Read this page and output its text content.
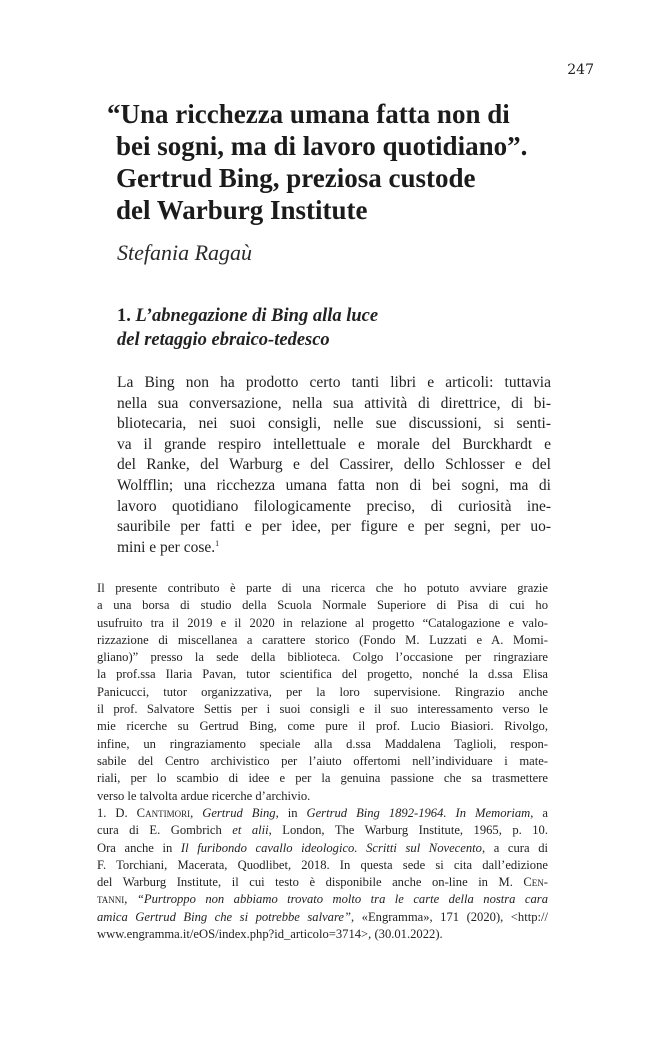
247
“Una ricchezza umana fatta non di
bei sogni, ma di lavoro quotidiano”.
Gertrud Bing, preziosa custode
del Warburg Institute

Stefania Ragaù

1. L’abnegazione di Bing alla luce
del retaggio ebraico-tedesco
La Bing non ha prodotto certo tanti libri e articoli: tuttavia
nella sua conversazione, nella sua attività di direttrice, di bi-
bliotecaria, nei suoi consigli, nelle sue discussioni, si senti-
va il grande respiro intellettuale e morale del Burckhardt e
del Ranke, del Warburg e del Cassirer, dello Schlosser e del
Wolfflin; una ricchezza umana fatta non di bei sogni, ma di
lavoro quotidiano filologicamente preciso, di curiosità ine-
sauribile per fatti e per idee, per figure e per segni, per uo-
mini e per cose.$^1$
Il presente contributo è parte di una ricerca che ho potuto avviare grazie
a una borsa di studio della Scuola Normale Superiore di Pisa di cui ho
usufruito tra il 2019 e il 2020 in relazione al progetto “Catalogazione e valo-
rizzazione di miscellanea a carattere storico (Fondo M. Luzzati e A. Momi-
gliano)” presso la sede della biblioteca. Colgo l’occasione per ringraziare
la prof.ssa Ilaria Pavan, tutor scientifica del progetto, nonché la d.ssa Elisa
Panicucci, tutor organizzativa, per la loro supervisione. Ringrazio anche
il prof. Salvatore Settis per i suoi consigli e il suo interessamento verso le
mie ricerche su Gertrud Bing, come pure il prof. Lucio Biasiori. Rivolgo,
infine, un ringraziamento speciale alla d.ssa Maddalena Taglioli, respon-
sabile del Centro archivistico per l’aiuto offertomi nell’individuare i mate-
riali, per lo scambio di idee e per la genuina passione che sa trasmettere
verso le talvolta ardue ricerche d’archivio.
1. D. Cantimori, Gertrud Bing, in Gertrud Bing 1892-1964. In Memoriam, a
cura di E. Gombrich et alii, London, The Warburg Institute, 1965, p. 10.
Ora anche in Il furibondo cavallo ideologico. Scritti sul Novecento, a cura di
F. Torchiani, Macerata, Quodlibet, 2018. In questa sede si cita dall’edizione
del Warburg Institute, il cui testo è disponibile anche on-line in M. Cen-
tanni, “Purtroppo non abbiamo trovato molto tra le carte della nostra cara
amica Gertrud Bing che si potrebbe salvare”, «Engramma», 171 (2020), <http://
www.engramma.it/eOS/index.php?id_articolo=3714>, (30.01.2022).
